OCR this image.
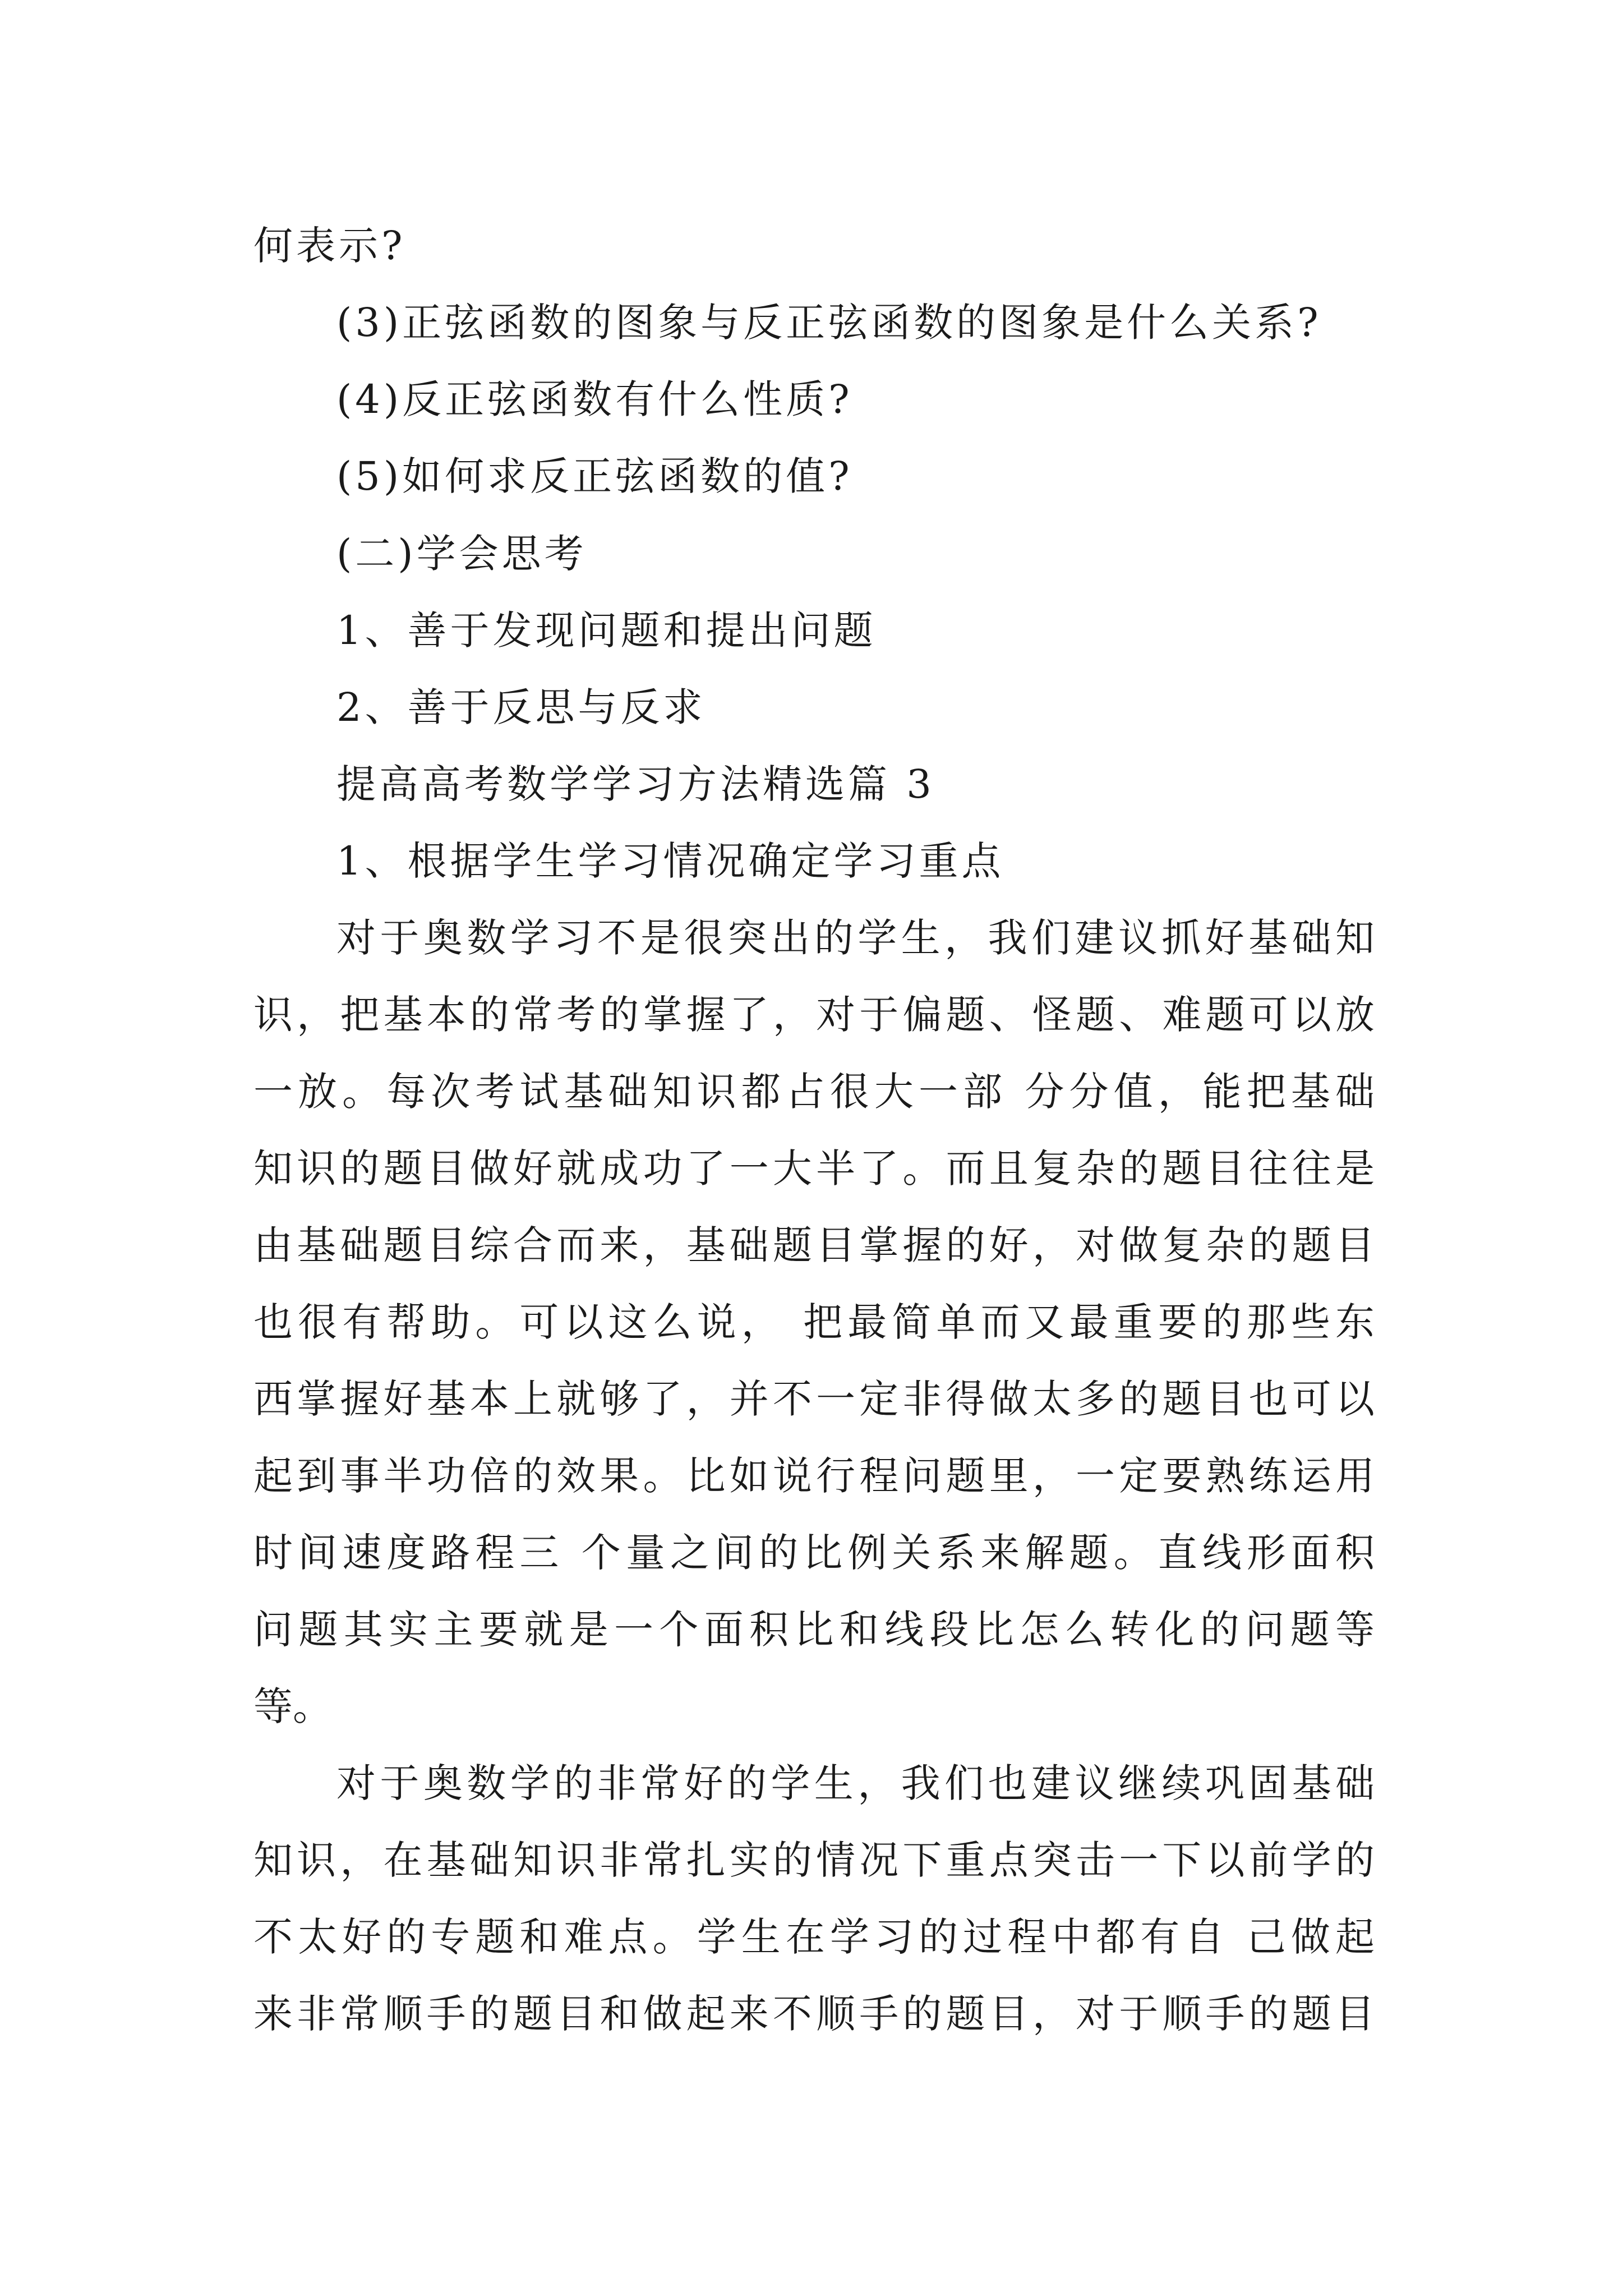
何表示?

(3)正弦函数的图象与反正弦函数的图象是什么关系?

(4)反正弦函数有什么性质?

(5)如何求反正弦函数的值?

(二)学会思考

1、善于发现问题和提出问题

2、善于反思与反求

提高高考数学学习方法精选篇 3

1、根据学生学习情况确定学习重点

对于奥数学习不是很突出的学生，我们建议抓好基础知

识，把基本的常考的掌握了，对于偏题、怪题、难题可以放

一放。每次考试基础知识都占很大一部 分分值，能把基础

知识的题目做好就成功了一大半了。而且复杂的题目往往是

由基础题目综合而来，基础题目掌握的好，对做复杂的题目

也很有帮助。可以这么说， 把最简单而又最重要的那些东

西掌握好基本上就够了，并不一定非得做太多的题目也可以

起到事半功倍的效果。比如说行程问题里，一定要熟练运用

时间速度路程三 个量之间的比例关系来解题。直线形面积

问题其实主要就是一个面积比和线段比怎么转化的问题等

等。

对于奥数学的非常好的学生，我们也建议继续巩固基础

知识，在基础知识非常扎实的情况下重点突击一下以前学的

不太好的专题和难点。学生在学习的过程中都有自 己做起

来非常顺手的题目和做起来不顺手的题目，对于顺手的题目
